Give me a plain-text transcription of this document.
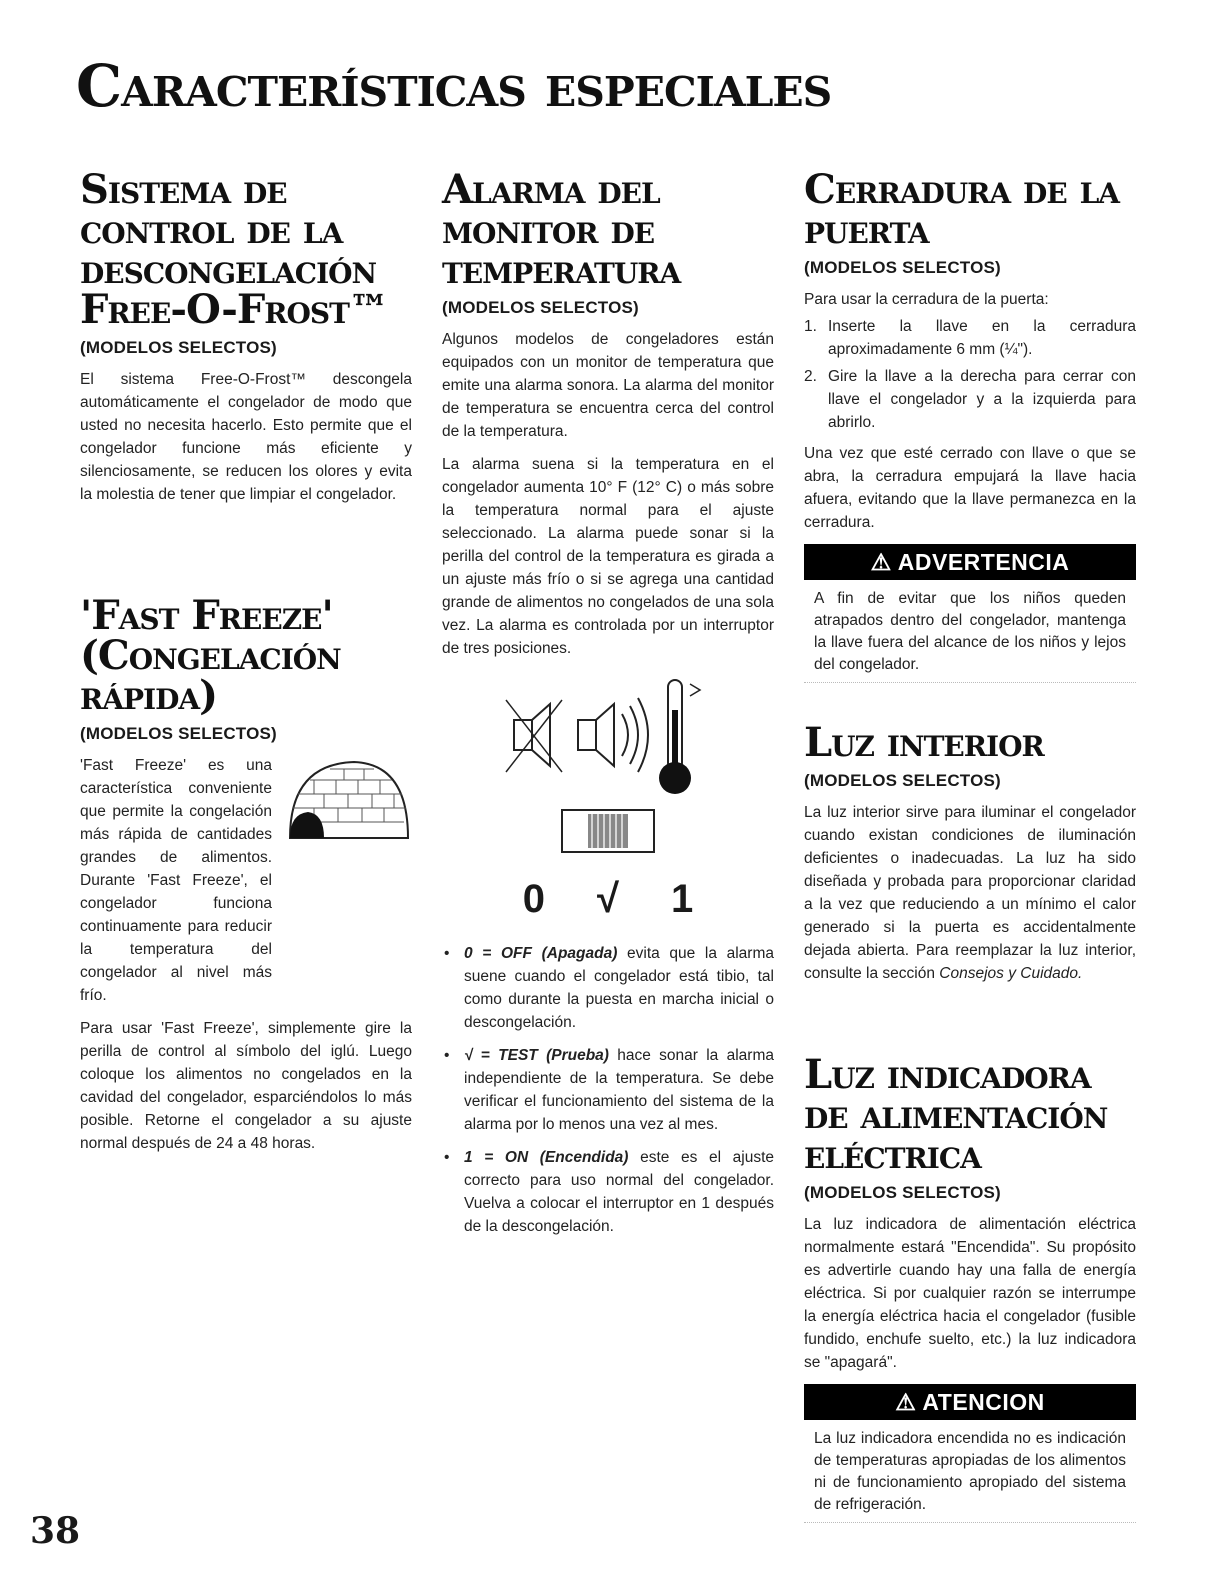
Características especiales
Sistema de control de la descongelación Free-O-Frost™
(MODELOS SELECTOS)

El sistema Free-O-Frost™ descongela automáticamente el congelador de modo que usted no necesita hacerlo. Esto permite que el congelador funcione más eficiente y silenciosamente, se reducen los olores y evita la molestia de tener que limpiar el congelador.

'Fast Freeze' (Congelación rápida)
(MODELOS SELECTOS)

'Fast Freeze' es una característica conveniente que permite la congelación más rápida de cantidades grandes de alimentos. Durante 'Fast Freeze', el congelador funciona continuamente para reducir la temperatura del congelador al nivel más frío.

Para usar 'Fast Freeze', simplemente gire la perilla de control al símbolo del iglú. Luego coloque los alimentos no congelados en la cavidad del congelador, esparciéndolos lo más posible. Retorne el congelador a su ajuste normal después de 24 a 48 horas.

Alarma del monitor de temperatura
(MODELOS SELECTOS)

Algunos modelos de congeladores están equipados con un monitor de temperatura que emite una alarma sonora. La alarma del monitor de temperatura se encuentra cerca del control de la temperatura.

La alarma suena si la temperatura en el congelador aumenta 10° F (12° C) o más sobre la temperatura normal para el ajuste seleccionado. La alarma puede sonar si la perilla del control de la temperatura es girada a un ajuste más frío o si se agrega una cantidad grande de alimentos no congelados de una sola vez. La alarma es controlada por un interruptor de tres posiciones.

0 √ 1
• 0 = OFF (Apagada) evita que la alarma suene cuando el congelador está tibio, tal como durante la puesta en marcha inicial o descongelación.
• √ = TEST (Prueba) hace sonar la alarma independiente de la temperatura. Se debe verificar el funcionamiento del sistema de la alarma por lo menos una vez al mes.
• 1 = ON (Encendida) este es el ajuste correcto para uso normal del congelador. Vuelva a colocar el interruptor en 1 después de la descongelación.
Cerradura de la puerta
(MODELOS SELECTOS)

Para usar la cerradura de la puerta:

1. Inserte la llave en la cerradura aproximadamente 6 mm (¼").
2. Gire la llave a la derecha para cerrar con llave el congelador y a la izquierda para abrirlo.

Una vez que esté cerrado con llave o que se abra, la cerradura empujará la llave hacia afuera, evitando que la llave permanezca en la cerradura.

⚠ ADVERTENCIA

A fin de evitar que los niños queden atrapados dentro del congelador, mantenga la llave fuera del alcance de los niños y lejos del congelador.

Luz interior
(MODELOS SELECTOS)

La luz interior sirve para iluminar el congelador cuando existan condiciones de iluminación deficientes o inadecuadas. La luz ha sido diseñada y probada para proporcionar claridad a la vez que reduciendo a un mínimo el calor generado si la puerta es accidentalmente dejada abierta. Para reemplazar la luz interior, consulte la sección Consejos y Cuidado.

Luz indicadora de alimentación eléctrica
(MODELOS SELECTOS)

La luz indicadora de alimentación eléctrica normalmente estará "Encendida". Su propósito es advertirle cuando hay una falla de energía eléctrica. Si por cualquier razón se interrumpe la energía eléctrica hacia el congelador (fusible fundido, enchufe suelto, etc.) la luz indicadora se "apagará".

⚠ ATENCION

La luz indicadora encendida no es indicación de temperaturas apropiadas de los alimentos ni de funcionamiento apropiado del sistema de refrigeración.

38
